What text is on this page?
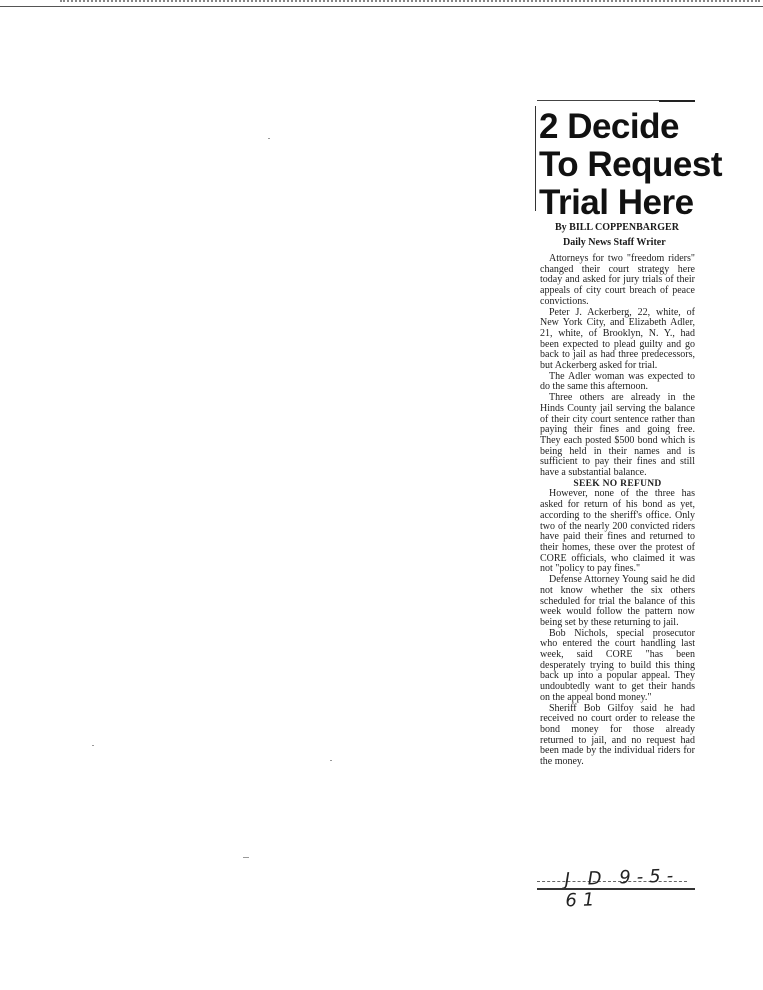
2 Decide
To Request
Trial Here
By BILL COPPENBARGER
Daily News Staff Writer

Attorneys for two "freedom riders" changed their court strategy here today and asked for jury trials of their appeals of city court breach of peace convictions.

Peter J. Ackerberg, 22, white, of New York City, and Elizabeth Adler, 21, white, of Brooklyn, N. Y., had been expected to plead guilty and go back to jail as had three predecessors, but Ackerberg asked for trial.

The Adler woman was expected to do the same this afternoon.

Three others are already in the Hinds County jail serving the balance of their city court sentence rather than paying their fines and going free. They each posted $500 bond which is being held in their names and is sufficient to pay their fines and still have a substantial balance.

SEEK NO REFUND

However, none of the three has asked for return of his bond as yet, according to the sheriff's office. Only two of the nearly 200 convicted riders have paid their fines and returned to their homes, these over the protest of CORE officials, who claimed it was not "policy to pay fines."

Defense Attorney Young said he did not know whether the six others scheduled for trial the balance of this week would follow the pattern now being set by these returning to jail.

Bob Nichols, special prosecutor who entered the court handling last week, said CORE "has been desperately trying to build this thing back up into a popular appeal. They undoubtedly want to get their hands on the appeal bond money."

Sheriff Bob Gilfoy said he had received no court order to release the bond money for those already returned to jail, and no request had been made by the individual riders for the money.

J D 9-5-61
